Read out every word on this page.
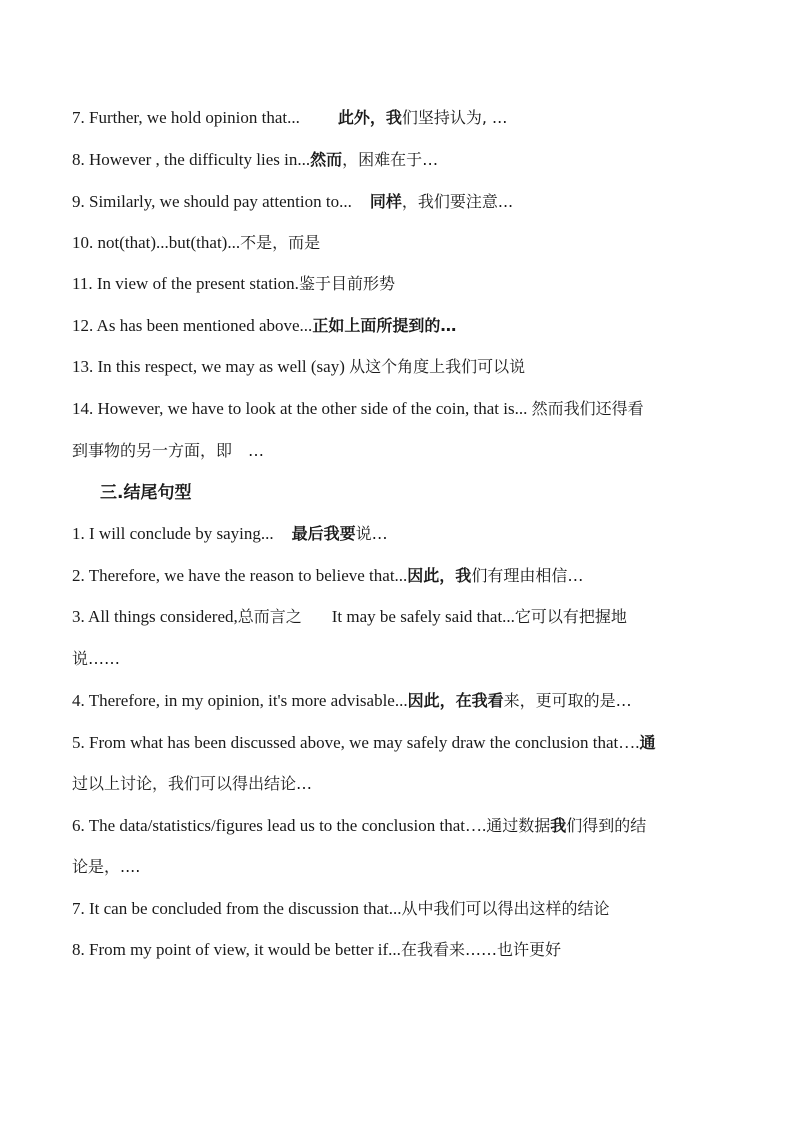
7. Further, we hold opinion that... 此外，我们坚持认为, ...
8. However , the difficulty lies in...然而，困难在于…
9. Similarly, we should pay attention to... 同样，我们要注意...
10. not(that)...but(that)...不是，而是
11. In view of the present station.鉴于目前形势
12. As has been mentioned above...正如上面所提到的…
13. In this respect, we may as well (say) 从这个角度上我们可以说
14. However, we have to look at the other side of the coin, that is... 然而我们还得看
到事物的另一方面，即　…
三.结尾句型
1. I will conclude by saying... 最后我要说…
2. Therefore, we have the reason to believe that...因此，我们有理由相信…
3. All things considered,总而言之 It may be safely said that...它可以有把握地
说……
4. Therefore, in my opinion, it's more advisable...因此，在我看来，更可取的是…
5. From what has been discussed above, we may safely draw the conclusion that….通
过以上讨论，我们可以得出结论…
6. The data/statistics/figures lead us to the conclusion that….通过数据我们得到的结
论是，....
7. It can be concluded from the discussion that...从中我们可以得出这样的结论
8. From my point of view, it would be better if...在我看来……也许更好
